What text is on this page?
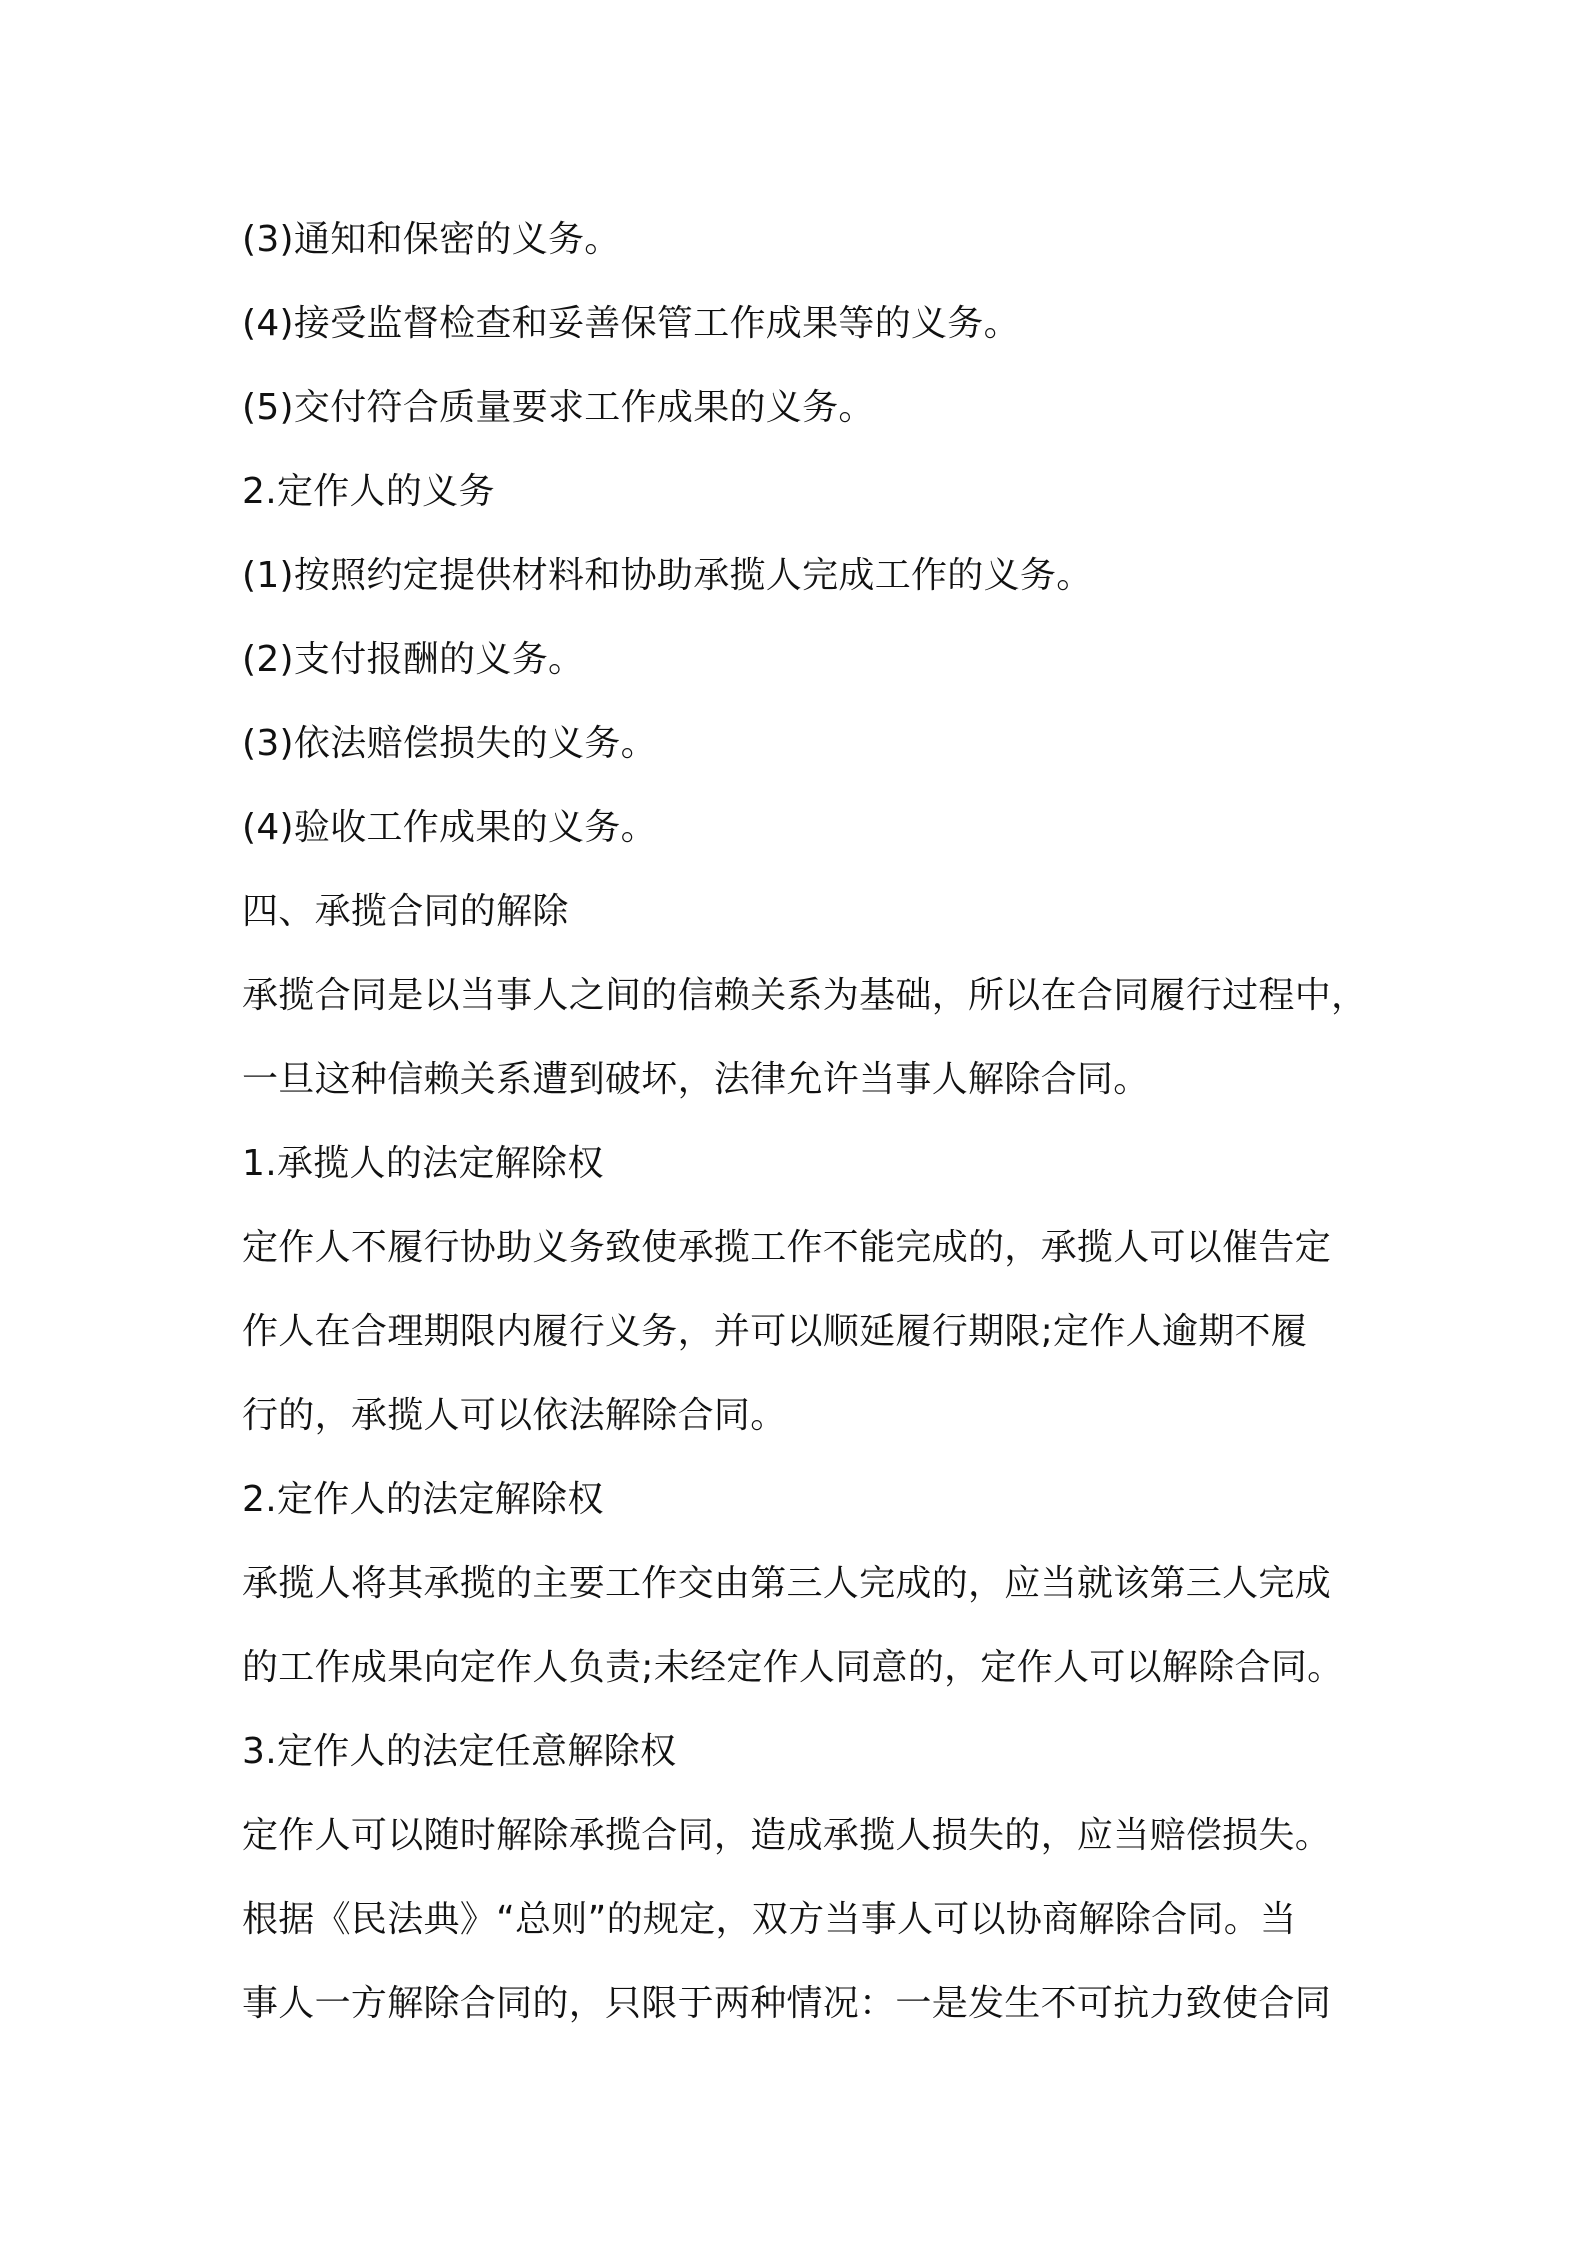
(3)通知和保密的义务。
(4)接受监督检查和妥善保管工作成果等的义务。
(5)交付符合质量要求工作成果的义务。
2.定作人的义务
(1)按照约定提供材料和协助承揽人完成工作的义务。
(2)支付报酬的义务。
(3)依法赔偿损失的义务。
(4)验收工作成果的义务。
四、承揽合同的解除
承揽合同是以当事人之间的信赖关系为基础，所以在合同履行过程中，
一旦这种信赖关系遭到破坏，法律允许当事人解除合同。
1.承揽人的法定解除权
定作人不履行协助义务致使承揽工作不能完成的，承揽人可以催告定
作人在合理期限内履行义务，并可以顺延履行期限;定作人逾期不履
行的，承揽人可以依法解除合同。
2.定作人的法定解除权
承揽人将其承揽的主要工作交由第三人完成的，应当就该第三人完成
的工作成果向定作人负责;未经定作人同意的，定作人可以解除合同。
3.定作人的法定任意解除权
定作人可以随时解除承揽合同，造成承揽人损失的，应当赔偿损失。
根据《民法典》“总则”的规定，双方当事人可以协商解除合同。当
事人一方解除合同的，只限于两种情况：一是发生不可抗力致使合同
